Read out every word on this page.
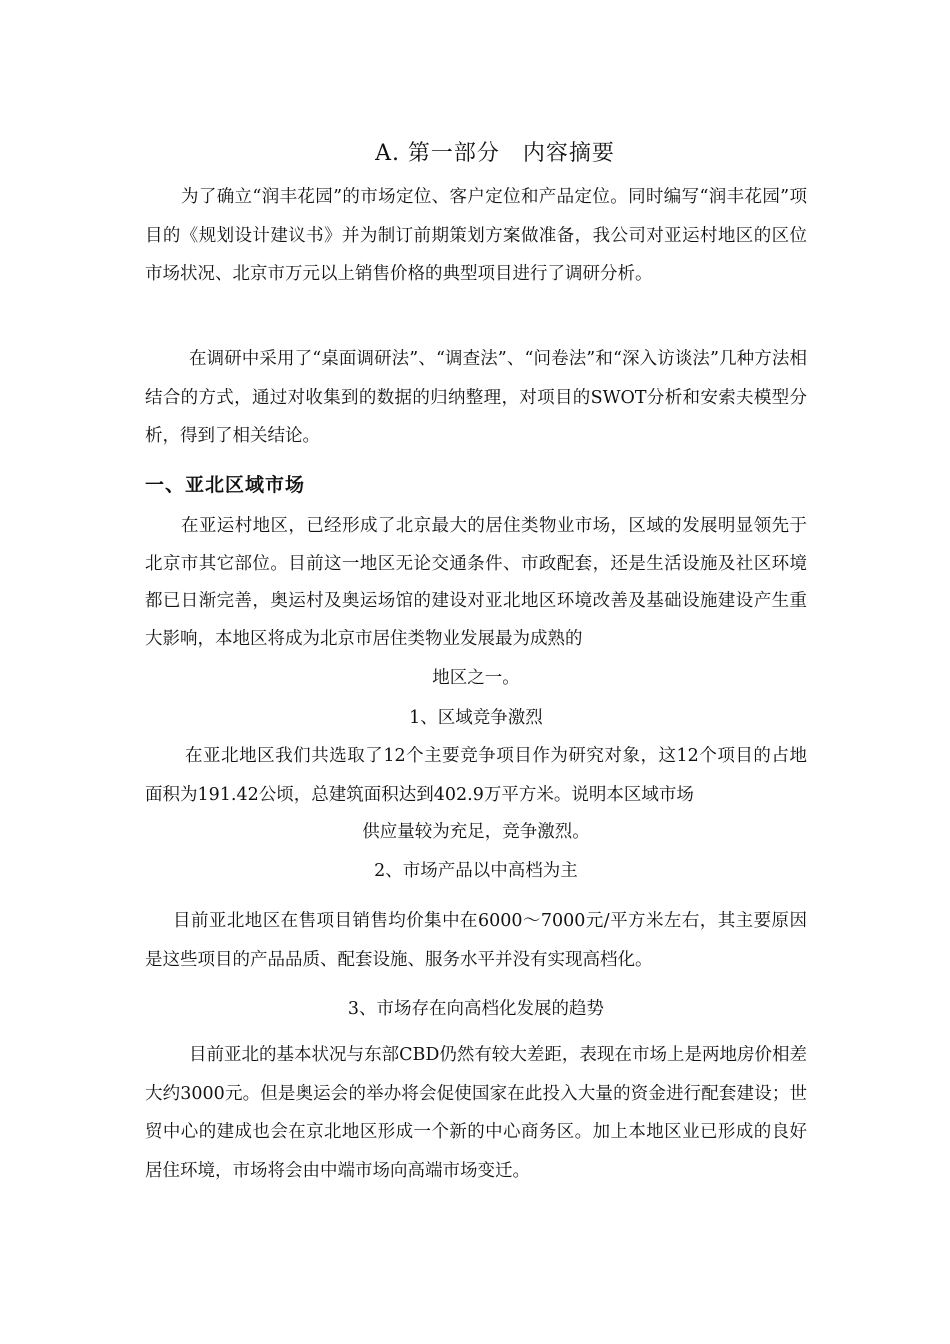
A. 第一部分　内容摘要
为了确立“润丰花园”的市场定位、客户定位和产品定位。同时编写“润丰花园”项目的《规划设计建议书》并为制订前期策划方案做准备，我公司对亚运村地区的区位市场状况、北京市万元以上销售价格的典型项目进行了调研分析。
在调研中采用了“桌面调研法”、“调查法”、“问卷法”和“深入访谈法”几种方法相结合的方式，通过对收集到的数据的归纳整理，对项目的SWOT分析和安索夫模型分析，得到了相关结论。
一、亚北区域市场
在亚运村地区，已经形成了北京最大的居住类物业市场，区域的发展明显领先于北京市其它部位。目前这一地区无论交通条件、市政配套，还是生活设施及社区环境都已日渐完善，奥运村及奥运场馆的建设对亚北地区环境改善及基础设施建设产生重大影响，本地区将成为北京市居住类物业发展最为成熟的
地区之一。
1、区域竞争激烈
在亚北地区我们共选取了12个主要竞争项目作为研究对象，这12个项目的占地面积为191.42公顷，总建筑面积达到402.9万平方米。说明本区域市场
供应量较为充足，竞争激烈。
2、市场产品以中高档为主
目前亚北地区在售项目销售均价集中在6000～7000元/平方米左右，其主要原因是这些项目的产品品质、配套设施、服务水平并没有实现高档化。
3、市场存在向高档化发展的趋势
目前亚北的基本状况与东部CBD仍然有较大差距，表现在市场上是两地房价相差大约3000元。但是奥运会的举办将会促使国家在此投入大量的资金进行配套建设；世贸中心的建成也会在京北地区形成一个新的中心商务区。加上本地区业已形成的良好居住环境，市场将会由中端市场向高端市场变迁。
